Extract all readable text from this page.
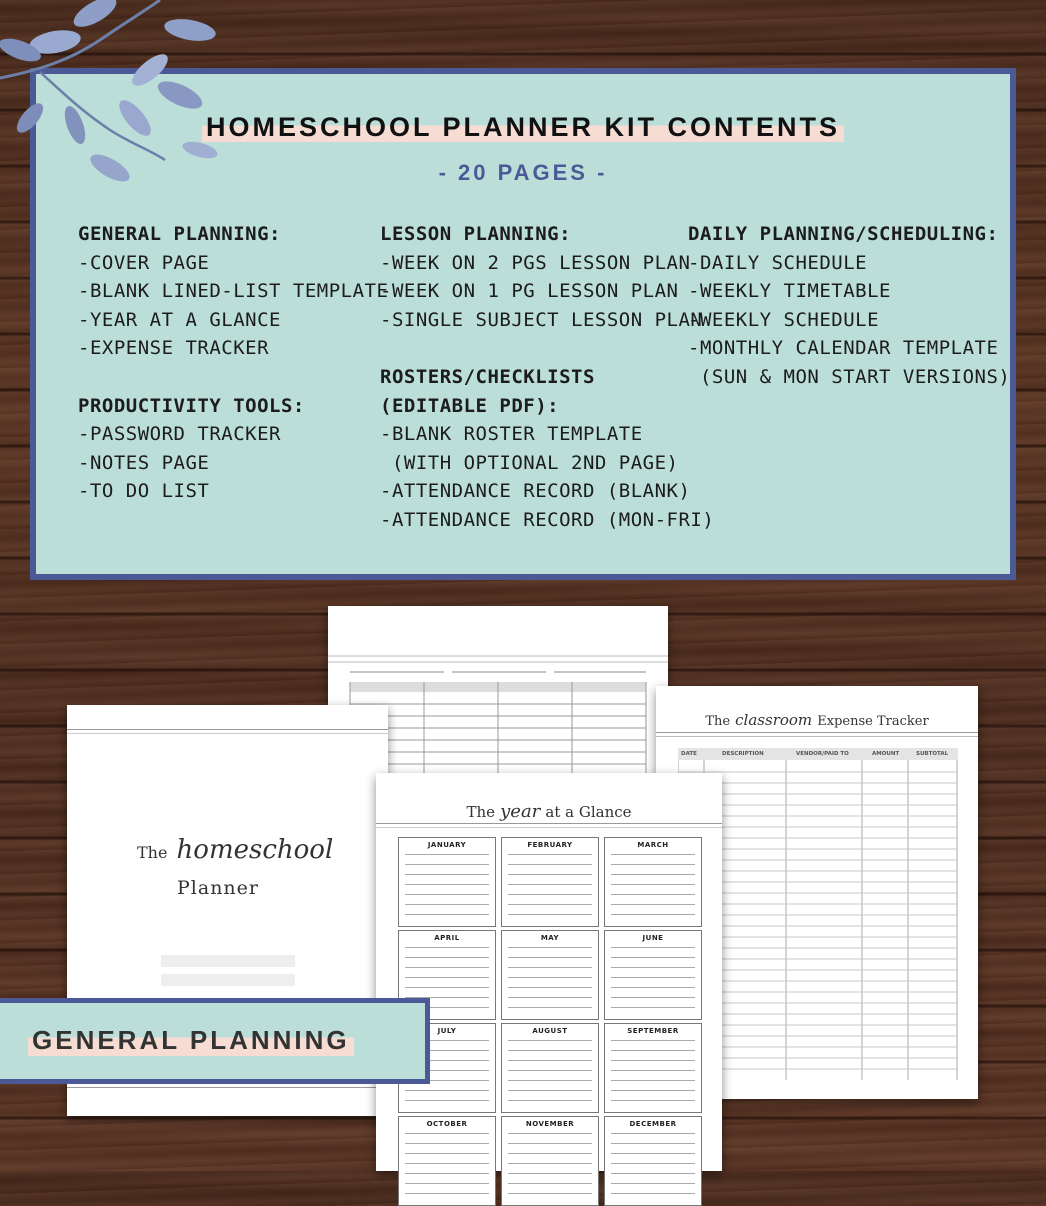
HOMESCHOOL PLANNER KIT CONTENTS
- 20 PAGES -
GENERAL PLANNING:
-COVER PAGE
-BLANK LINED-LIST TEMPLATE
-YEAR AT A GLANCE
-EXPENSE TRACKER
PRODUCTIVITY TOOLS:
-PASSWORD TRACKER
-NOTES PAGE
-TO DO LIST
LESSON PLANNING:
-WEEK ON 2 PGS LESSON PLAN
-WEEK ON 1 PG LESSON PLAN
-SINGLE SUBJECT LESSON PLAN
ROSTERS/CHECKLISTS
(EDITABLE PDF):
-BLANK ROSTER TEMPLATE
(WITH OPTIONAL 2ND PAGE)
-ATTENDANCE RECORD (BLANK)
-ATTENDANCE RECORD (MON-FRI)
DAILY PLANNING/SCHEDULING:
-DAILY SCHEDULE
-WEEKLY TIMETABLE
-WEEKLY SCHEDULE
-MONTHLY CALENDAR TEMPLATE
(SUN & MON START VERSIONS)
The classroom Expense Tracker
DATE	DESCRIPTION	VENDOR/PAID TO	AMOUNT	SUBTOTAL
The homeschool
Planner
The year at a Glance
JANUARY	FEBRUARY	MARCH
APRIL	MAY	JUNE
JULY	AUGUST	SEPTEMBER
OCTOBER	NOVEMBER	DECEMBER
GENERAL PLANNING
